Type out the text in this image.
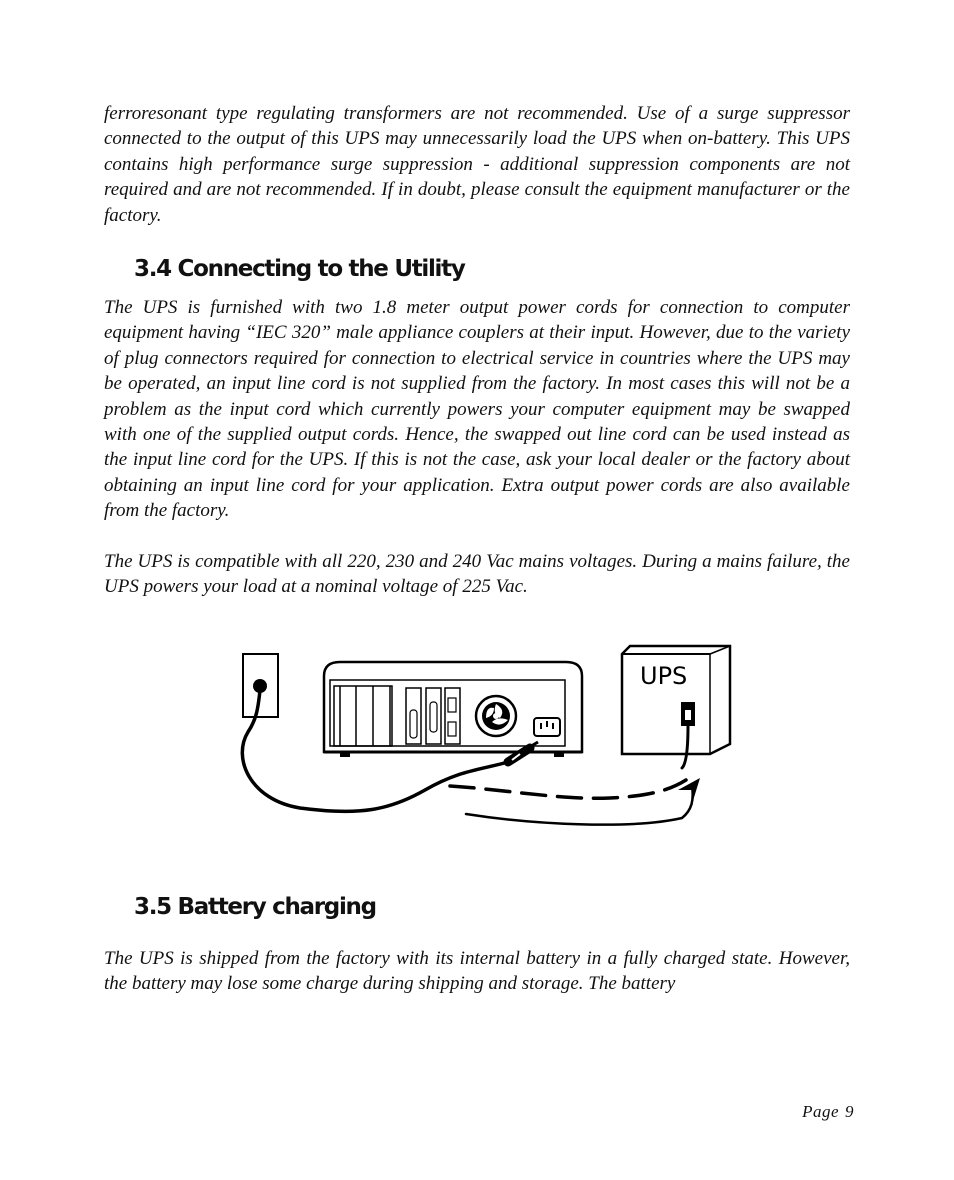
ferroresonant type regulating transformers are not recommended. Use of a surge suppressor connected to the output of this UPS may unnecessarily load the UPS when on-battery. This UPS contains high performance surge suppression - additional suppression components are not required and are not recommended. If in doubt, please consult the equipment manufacturer or the factory.

3.4 Connecting to the Utility

The UPS is furnished with two 1.8 meter output power cords for connection to computer equipment having “IEC 320” male appliance couplers at their input. However, due to the variety of plug connectors required for connection to electrical service in countries where the UPS may be operated, an input line cord is not supplied from the factory. In most cases this will not be a problem as the input cord which currently powers your computer equipment may be swapped with one of the supplied output cords. Hence, the swapped out line cord can be used instead as the input line cord for the UPS. If this is not the case, ask your local dealer or the factory about obtaining an input line cord for your application. Extra output power cords are also available from the factory.

The UPS is compatible with all 220, 230 and 240 Vac mains voltages. During a mains failure, the UPS powers your load at a nominal voltage of 225 Vac.

UPS
3.5 Battery charging

The UPS is shipped from the factory with its internal battery in a fully charged state. However, the battery may lose some charge during shipping and storage. The battery

Page 9
